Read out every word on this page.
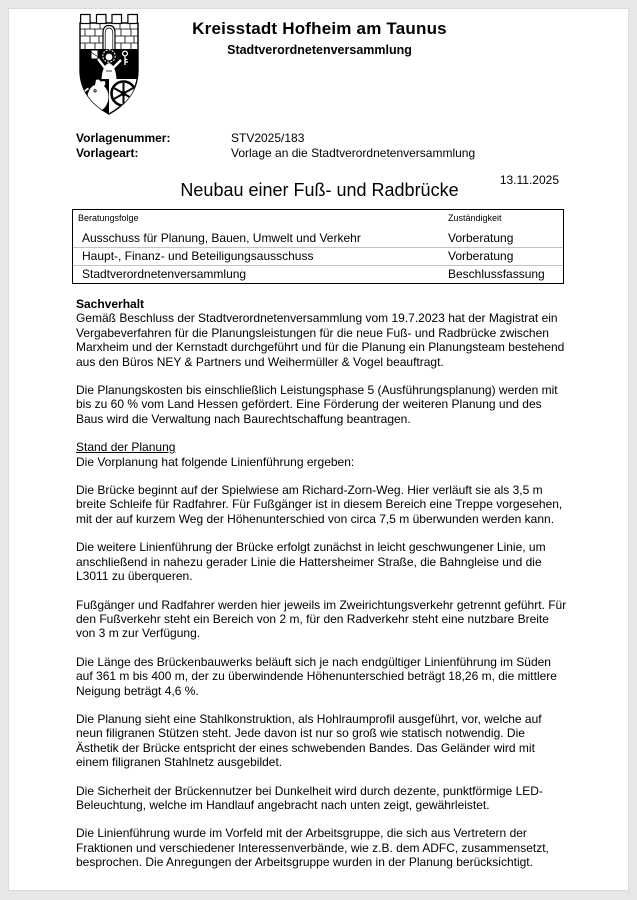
Kreisstadt Hofheim am Taunus
Stadtverordnetenversammlung
Vorlagenummer:	STV2025/183
Vorlageart:	Vorlage an die Stadtverordnetenversammlung
13.11.2025
Neubau einer Fuß- und Radbrücke
Beratungsfolge	Zuständigkeit
Ausschuss für Planung, Bauen, Umwelt und Verkehr	Vorberatung
Haupt-, Finanz- und Beteiligungsausschuss	Vorberatung
Stadtverordnetenversammlung	Beschlussfassung
Sachverhalt

Gemäß Beschluss der Stadtverordnetenversammlung vom 19.7.2023 hat der Magistrat ein Vergabeverfahren für die Planungsleistungen für die neue Fuß- und Radbrücke zwischen Marxheim und der Kernstadt durchgeführt und für die Planung ein Planungsteam bestehend aus den Büros NEY & Partners und Weihermüller & Vogel beauftragt.

Die Planungskosten bis einschließlich Leistungsphase 5 (Ausführungsplanung) werden mit bis zu 60 % vom Land Hessen gefördert. Eine Förderung der weiteren Planung und des Baus wird die Verwaltung nach Baurechtschaffung beantragen.

Stand der Planung

Die Vorplanung hat folgende Linienführung ergeben:

Die Brücke beginnt auf der Spielwiese am Richard-Zorn-Weg. Hier verläuft sie als 3,5 m breite Schleife für Radfahrer. Für Fußgänger ist in diesem Bereich eine Treppe vorgesehen, mit der auf kurzem Weg der Höhenunterschied von circa 7,5 m überwunden werden kann.

Die weitere Linienführung der Brücke erfolgt zunächst in leicht geschwungener Linie, um anschließend in nahezu gerader Linie die Hattersheimer Straße, die Bahngleise und die L3011 zu überqueren.

Fußgänger und Radfahrer werden hier jeweils im Zweirichtungsverkehr getrennt geführt. Für den Fußverkehr steht ein Bereich von 2 m, für den Radverkehr steht eine nutzbare Breite von 3 m zur Verfügung.

Die Länge des Brückenbauwerks beläuft sich je nach endgültiger Linienführung im Süden auf 361 m bis 400 m, der zu überwindende Höhenunterschied beträgt 18,26 m, die mittlere Neigung beträgt 4,6 %.

Die Planung sieht eine Stahlkonstruktion, als Hohlraumprofil ausgeführt, vor, welche auf neun filigranen Stützen steht. Jede davon ist nur so groß wie statisch notwendig. Die Ästhetik der Brücke entspricht der eines schwebenden Bandes. Das Geländer wird mit einem filigranen Stahlnetz ausgebildet.

Die Sicherheit der Brückennutzer bei Dunkelheit wird durch dezente, punktförmige LED-Beleuchtung, welche im Handlauf angebracht nach unten zeigt, gewährleistet.

Die Linienführung wurde im Vorfeld mit der Arbeitsgruppe, die sich aus Vertretern der Fraktionen und verschiedener Interessenverbände, wie z.B. dem ADFC, zusammensetzt, besprochen. Die Anregungen der Arbeitsgruppe wurden in der Planung berücksichtigt.
